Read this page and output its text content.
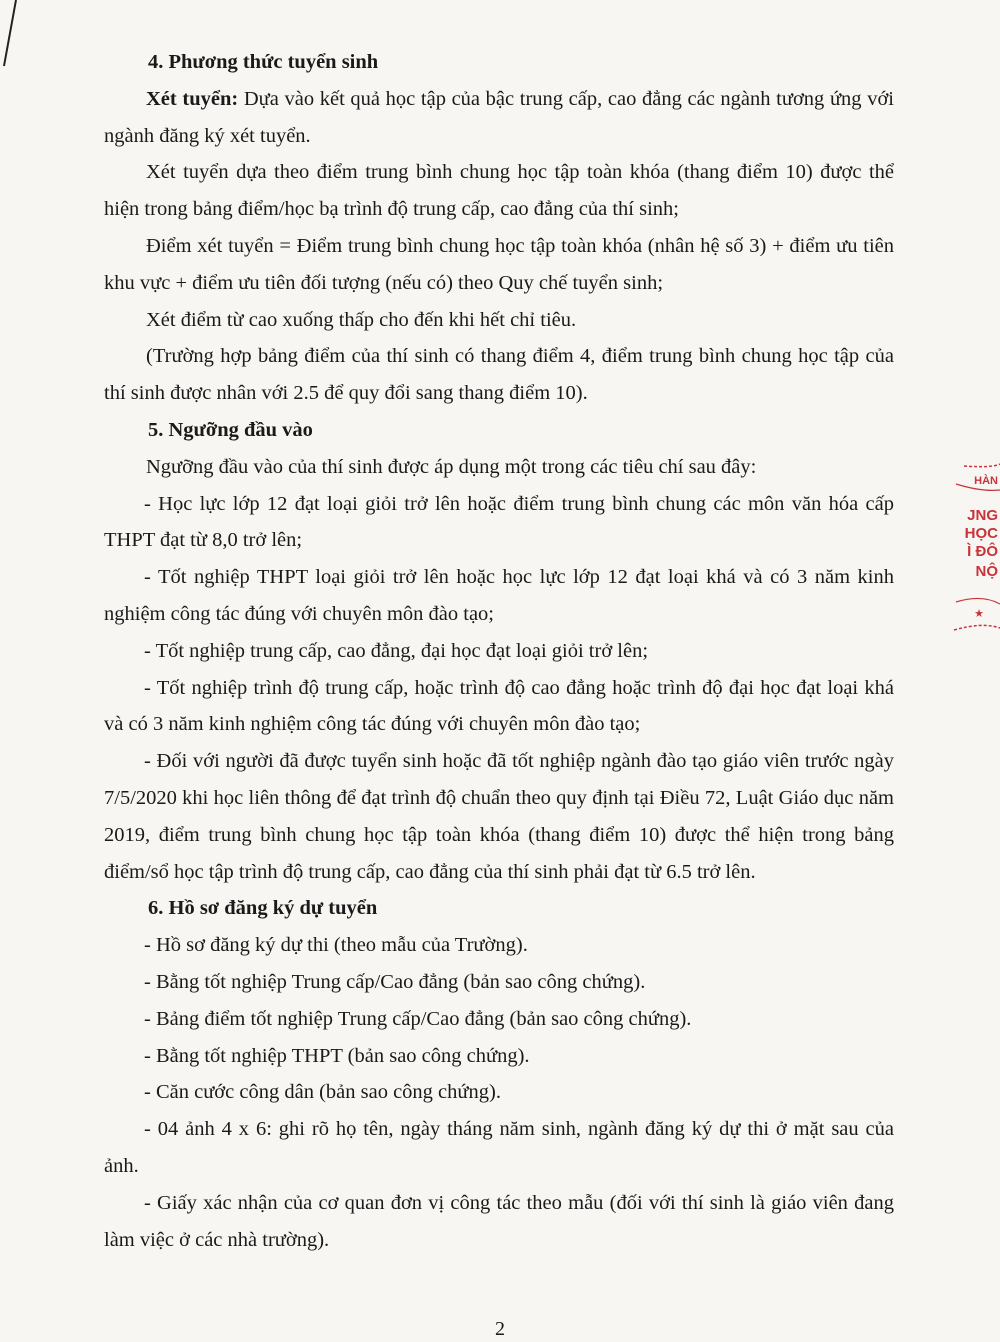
4. Phương thức tuyển sinh

Xét tuyển: Dựa vào kết quả học tập của bậc trung cấp, cao đẳng các ngành tương ứng với ngành đăng ký xét tuyển.

Xét tuyển dựa theo điểm trung bình chung học tập toàn khóa (thang điểm 10) được thể hiện trong bảng điểm/học bạ trình độ trung cấp, cao đẳng của thí sinh;

Điểm xét tuyển = Điểm trung bình chung học tập toàn khóa (nhân hệ số 3) + điểm ưu tiên khu vực + điểm ưu tiên đối tượng (nếu có) theo Quy chế tuyển sinh;

Xét điểm từ cao xuống thấp cho đến khi hết chỉ tiêu.

(Trường hợp bảng điểm của thí sinh có thang điểm 4, điểm trung bình chung học tập của thí sinh được nhân với 2.5 để quy đổi sang thang điểm 10).

5. Ngưỡng đầu vào

Ngưỡng đầu vào của thí sinh được áp dụng một trong các tiêu chí sau đây:

- Học lực lớp 12 đạt loại giỏi trở lên hoặc điểm trung bình chung các môn văn hóa cấp THPT đạt từ 8,0 trở lên;

- Tốt nghiệp THPT loại giỏi trở lên hoặc học lực lớp 12 đạt loại khá và có 3 năm kinh nghiệm công tác đúng với chuyên môn đào tạo;

- Tốt nghiệp trung cấp, cao đẳng, đại học đạt loại giỏi trở lên;

- Tốt nghiệp trình độ trung cấp, hoặc trình độ cao đẳng hoặc trình độ đại học đạt loại khá và có 3 năm kinh nghiệm công tác đúng với chuyên môn đào tạo;

- Đối với người đã được tuyển sinh hoặc đã tốt nghiệp ngành đào tạo giáo viên trước ngày 7/5/2020 khi học liên thông để đạt trình độ chuẩn theo quy định tại Điều 72, Luật Giáo dục năm 2019, điểm trung bình chung học tập toàn khóa (thang điểm 10) được thể hiện trong bảng điểm/sổ học tập trình độ trung cấp, cao đẳng của thí sinh phải đạt từ 6.5 trở lên.

6. Hồ sơ đăng ký dự tuyển

- Hồ sơ đăng ký dự thi (theo mẫu của Trường).

- Bằng tốt nghiệp Trung cấp/Cao đẳng (bản sao công chứng).

- Bảng điểm tốt nghiệp Trung cấp/Cao đẳng (bản sao công chứng).

- Bằng tốt nghiệp THPT (bản sao công chứng).

- Căn cước công dân (bản sao công chứng).

- 04 ảnh 4 x 6: ghi rõ họ tên, ngày tháng năm sinh, ngành đăng ký dự thi ở mặt sau của ảnh.

- Giấy xác nhận của cơ quan đơn vị công tác theo mẫu (đối với thí sinh là giáo viên đang làm việc ở các nhà trường).

HÀN
JNG
HỌC
Ì ĐÔ
NỘ
★
2
